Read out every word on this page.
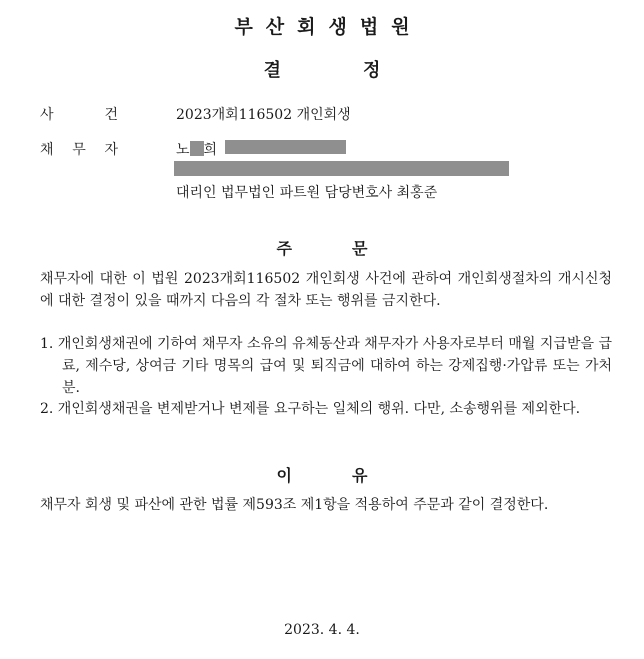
부산회생법원
결	정
사	건	2023개회116502 개인회생
채 무 자	노 희
대리인 법무법인 파트원 담당변호사 최홍준
주	문
채무자에 대한 이 법원 2023개회116502 개인회생 사건에 관하여 개인회생절차의 개시신청에 대한 결정이 있을 때까지 다음의 각 절차 또는 행위를 금지한다.
1. 개인회생채권에 기하여 채무자 소유의 유체동산과 채무자가 사용자로부터 매월 지급받을 급료, 제수당, 상여금 기타 명목의 급여 및 퇴직금에 대하여 하는 강제집행·가압류 또는 가처분.
2. 개인회생채권을 변제받거나 변제를 요구하는 일체의 행위. 다만, 소송행위를 제외한다.
이	유
채무자 회생 및 파산에 관한 법률 제593조 제1항을 적용하여 주문과 같이 결정한다.
2023. 4. 4.
